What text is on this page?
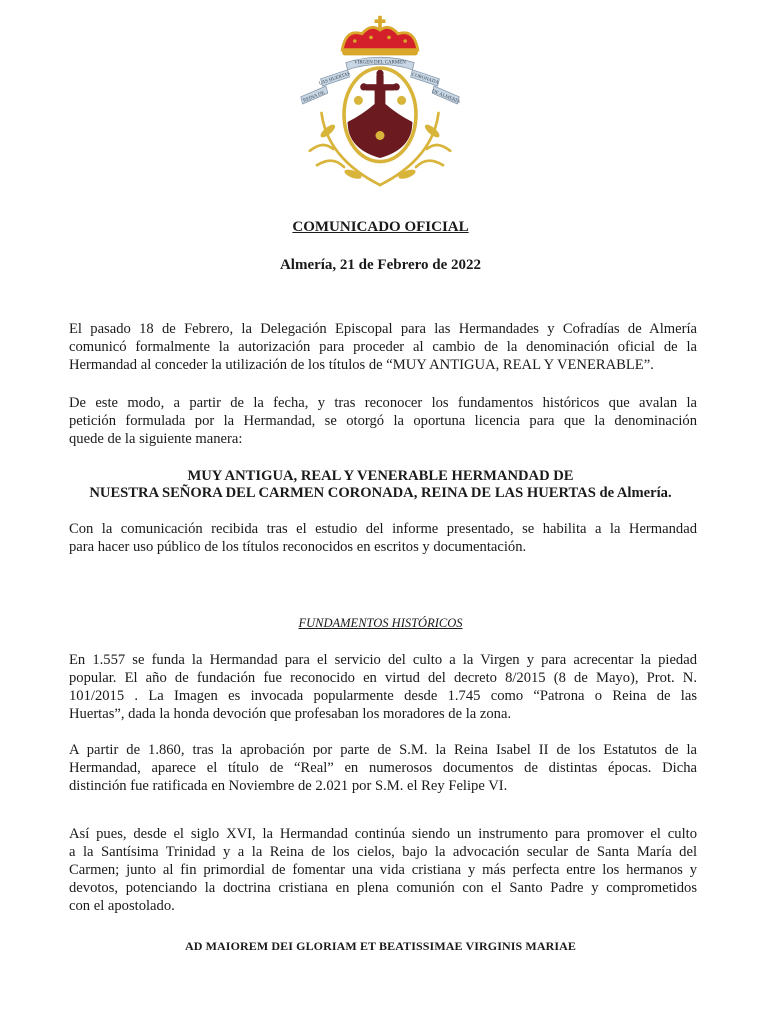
VIRGEN DEL CARMEN
LAS HUERTAS	CORONADA
REINA DE	DE ALMERÍA
COMUNICADO OFICIAL
Almería, 21 de Febrero de 2022

El pasado 18 de Febrero, la Delegación Episcopal para las Hermandades y Cofradías de Almería
comunicó formalmente la autorización para proceder al cambio de la denominación oficial de la
Hermandad al conceder la utilización de los títulos de “MUY ANTIGUA, REAL Y VENERABLE”.

De este modo, a partir de la fecha, y tras reconocer los fundamentos históricos que avalan la
petición formulada por la Hermandad, se otorgó la oportuna licencia para que la denominación
quede de la siguiente manera:

MUY ANTIGUA, REAL Y VENERABLE HERMANDAD DE
NUESTRA SEÑORA DEL CARMEN CORONADA, REINA DE LAS HUERTAS de Almería.

Con la comunicación recibida tras el estudio del informe presentado, se habilita a la Hermandad
para hacer uso público de los títulos reconocidos en escritos y documentación.

FUNDAMENTOS HISTÓRICOS

En 1.557 se funda la Hermandad para el servicio del culto a la Virgen y para acrecentar la piedad
popular. El año de fundación fue reconocido en virtud del decreto 8/2015 (8 de Mayo), Prot. N.
101/2015 . La Imagen es invocada popularmente desde 1.745 como “Patrona o Reina de las
Huertas”, dada la honda devoción que profesaban los moradores de la zona.

A partir de 1.860, tras la aprobación por parte de S.M. la Reina Isabel II de los Estatutos de la
Hermandad, aparece el título de “Real” en numerosos documentos de distintas épocas. Dicha
distinción fue ratificada en Noviembre de 2.021 por S.M. el Rey Felipe VI.

Así pues, desde el siglo XVI, la Hermandad continúa siendo un instrumento para promover el culto
a la Santísima Trinidad y a la Reina de los cielos, bajo la advocación secular de Santa María del
Carmen; junto al fin primordial de fomentar una vida cristiana y más perfecta entre los hermanos y
devotos, potenciando la doctrina cristiana en plena comunión con el Santo Padre y comprometidos
con el apostolado.

AD MAIOREM DEI GLORIAM ET BEATISSIMAE VIRGINIS MARIAE
